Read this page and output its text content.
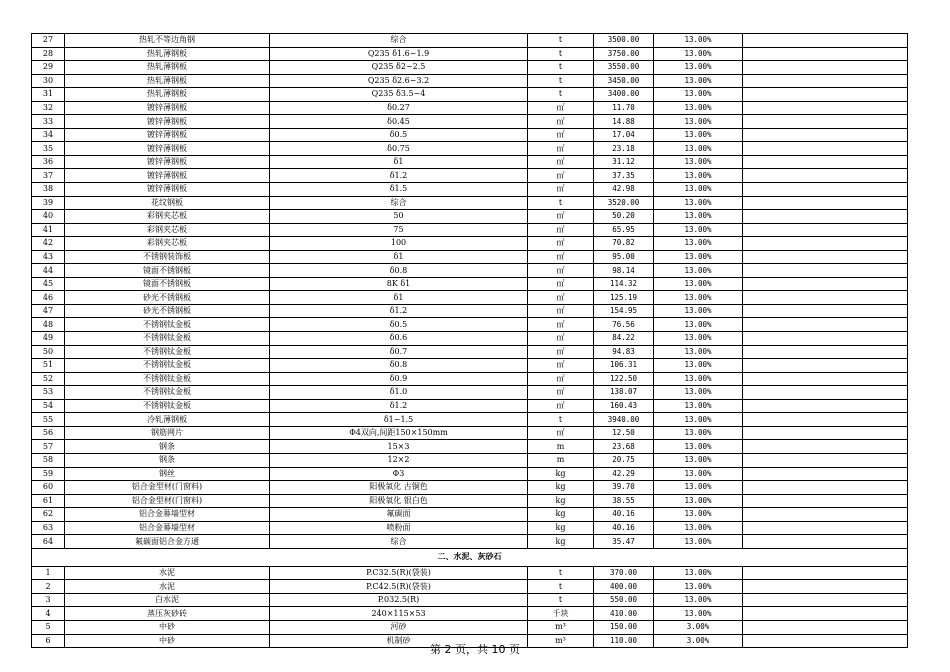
27	热轧不等边角钢	综合	t	3500.00	13.00%	
28	热轧薄钢板	Q235 δ1.6~1.9	t	3750.00	13.00%	
29	热轧薄钢板	Q235 δ2~2.5	t	3550.00	13.00%	
30	热轧薄钢板	Q235 δ2.6~3.2	t	3450.00	13.00%	
31	热轧薄钢板	Q235 δ3.5~4	t	3400.00	13.00%	
32	镀锌薄钢板	δ0.27	㎡	11.70	13.00%	
33	镀锌薄钢板	δ0.45	㎡	14.88	13.00%	
34	镀锌薄钢板	δ0.5	㎡	17.04	13.00%	
35	镀锌薄钢板	δ0.75	㎡	23.18	13.00%	
36	镀锌薄钢板	δ1	㎡	31.12	13.00%	
37	镀锌薄钢板	δ1.2	㎡	37.35	13.00%	
38	镀锌薄钢板	δ1.5	㎡	42.98	13.00%	
39	花纹钢板	综合	t	3520.00	13.00%	
40	彩钢夹芯板	50	㎡	50.20	13.00%	
41	彩钢夹芯板	75	㎡	65.95	13.00%	
42	彩钢夹芯板	100	㎡	70.82	13.00%	
43	不锈钢装饰板	δ1	㎡	95.00	13.00%	
44	镜面不锈钢板	δ0.8	㎡	98.14	13.00%	
45	镜面不锈钢板	8K δ1	㎡	114.32	13.00%	
46	砂光不锈钢板	δ1	㎡	125.19	13.00%	
47	砂光不锈钢板	δ1.2	㎡	154.95	13.00%	
48	不锈钢钛金板	δ0.5	㎡	76.56	13.00%	
49	不锈钢钛金板	δ0.6	㎡	84.22	13.00%	
50	不锈钢钛金板	δ0.7	㎡	94.83	13.00%	
51	不锈钢钛金板	δ0.8	㎡	106.31	13.00%	
52	不锈钢钛金板	δ0.9	㎡	122.50	13.00%	
53	不锈钢钛金板	δ1.0	㎡	138.07	13.00%	
54	不锈钢钛金板	δ1.2	㎡	160.43	13.00%	
55	冷轧薄钢板	δ1~1.5	t	3940.00	13.00%	
56	钢筋网片	Φ4双向,间距150×150mm	㎡	12.50	13.00%	
57	钢条	15×3	m	23.68	13.00%	
58	钢条	12×2	m	20.75	13.00%	
59	钢丝	Φ3	kg	42.29	13.00%	
60	铝合金型材(门窗料)	阳极氧化 古铜色	kg	39.70	13.00%	
61	铝合金型材(门窗料)	阳极氧化 银白色	kg	38.55	13.00%	
62	铝合金幕墙型材	氟碳面	kg	40.16	13.00%	
63	铝合金幕墙型材	喷粉面	kg	40.16	13.00%	
64	氟碳面铝合金方通	综合	kg	35.47	13.00%	
二、水泥、灰砂石						
1	水泥	P.C32.5(R)(袋装)	t	370.00	13.00%	
2	水泥	P.C42.5(R)(袋装)	t	400.00	13.00%	
3	白水泥	P.032.5(R)	t	550.00	13.00%	
4	蒸压灰砂砖	240×115×53	千块	410.00	13.00%	
5	中砂	河砂	m³	150.00	3.00%	
6	中砂	机制砂	m³	110.00	3.00%	
第 2 页，共 10 页
